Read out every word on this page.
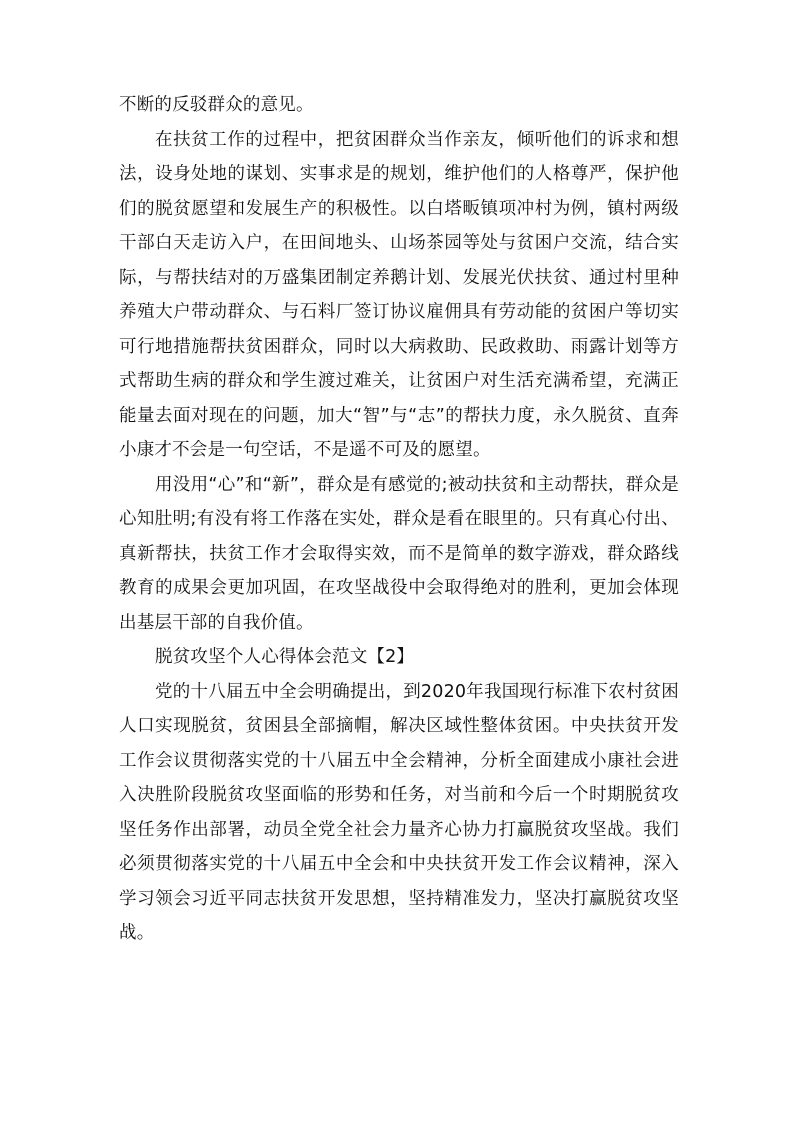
不断的反驳群众的意见。

在扶贫工作的过程中，把贫困群众当作亲友，倾听他们的诉求和想法，设身处地的谋划、实事求是的规划，维护他们的人格尊严，保护他们的脱贫愿望和发展生产的积极性。以白塔畈镇项冲村为例，镇村两级干部白天走访入户，在田间地头、山场茶园等处与贫困户交流，结合实际，与帮扶结对的万盛集团制定养鹅计划、发展光伏扶贫、通过村里种养殖大户带动群众、与石料厂签订协议雇佣具有劳动能的贫困户等切实可行地措施帮扶贫困群众，同时以大病救助、民政救助、雨露计划等方式帮助生病的群众和学生渡过难关，让贫困户对生活充满希望，充满正能量去面对现在的问题，加大“智”与“志”的帮扶力度，永久脱贫、直奔小康才不会是一句空话，不是遥不可及的愿望。

用没用“心”和“新”，群众是有感觉的;被动扶贫和主动帮扶，群众是心知肚明;有没有将工作落在实处，群众是看在眼里的。只有真心付出、真新帮扶，扶贫工作才会取得实效，而不是简单的数字游戏，群众路线教育的成果会更加巩固，在攻坚战役中会取得绝对的胜利，更加会体现出基层干部的自我价值。

脱贫攻坚个人心得体会范文【2】

党的十八届五中全会明确提出，到2020年我国现行标准下农村贫困人口实现脱贫，贫困县全部摘帽，解决区域性整体贫困。中央扶贫开发工作会议贯彻落实党的十八届五中全会精神，分析全面建成小康社会进入决胜阶段脱贫攻坚面临的形势和任务，对当前和今后一个时期脱贫攻坚任务作出部署，动员全党全社会力量齐心协力打赢脱贫攻坚战。我们必须贯彻落实党的十八届五中全会和中央扶贫开发工作会议精神，深入学习领会习近平同志扶贫开发思想，坚持精准发力，坚决打赢脱贫攻坚战。
